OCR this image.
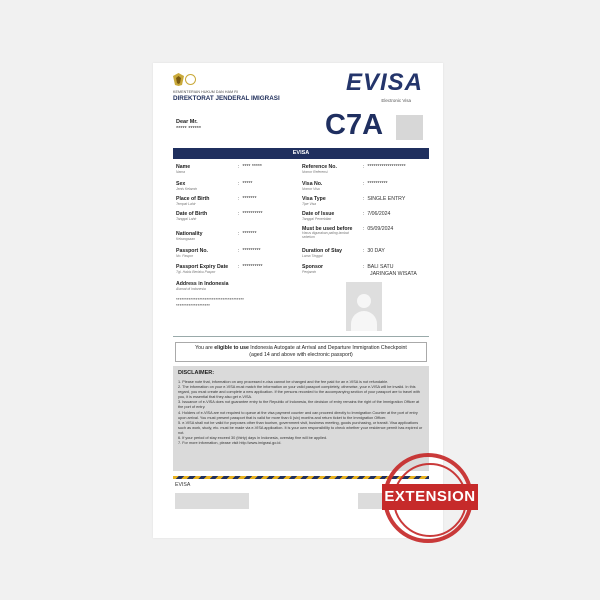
KEMENTERIAN HUKUM DAN HAM RI
DIREKTORAT JENDERAL IMIGRASI
EVISA
Electronic Visa
Dear Mr.
***** ******	C7A
EVISA
Name
Nama
:  **** *****
Sex
Jenis Kelamin
:  *****
Place of Birth
Tempat Lahir
:  *******
Date of Birth
Tanggal Lahir
:  **********
Nationality
Kebangsaan
:  *******
Passport No.
No. Paspor
:  *********
Passport Expiry Date
Tgl. Habis Berlaku Paspor
:  **********
Reference No.
Nomor Referensi
:  *******************
Visa No.
Nomor Visa
:  **********
Visa Type
Tipe Visa
:  SINGLE ENTRY
Date of Issue
Tanggal Penerbitan
:  7/06/2024
Must be used before
Harus digunakan paling lambat sebelum
:  05/09/2024
Duration of Stay
Lama Tinggal
:  30 DAY
Sponsor
Penjamin
:  BALI SATU
JARINGAN WISATA
Address in Indonesia
Alamat di Indonesia
**************************************
*******************
You are eligible to use Indonesia Autogate at Arrival and Departure Immigration Checkpoint
(aged 14 and above with electronic passport)
DISCLAIMER:
1. Please note that, information on any processed e-visa cannot be changed and the fee paid for an e-VISA is not refundable.
2. The information on your e-VISA must match the information on your valid passport completely, otherwise, your e-VISA will be invalid. In this regard, you must create and complete a new application. If the persons recorded to the accompanying section of your passport are to travel with you, it is essential that they also get e-VISA.
3. Issuance of e-VISA does not guarantee entry to the Republic of Indonesia, the decision of entry remains the right of the Immigration Officer at the port of entry.
4. Holders of e-VISA are not required to queue at the visa payment counter and can proceed directly to Immigration Counter at the port of entry upon arrival. You must present passport that is valid for more than 6 (six) months and return ticket to the Immigration Officer.
5. e-VISA shall not be valid for purposes other than tourism, government visit, business meeting, goods purchasing, or transit. Visa applications such as work, study, etc. must be made via e-VISA application. It is your own responsibility to check whether your residence permit has expired or not.
6. If your period of stay exceed 30 (thirty) days in Indonesia, overstay fine will be applied.
7. For more information, please visit http://www.imigrasi.go.id.
EVISA
EXTENSION
